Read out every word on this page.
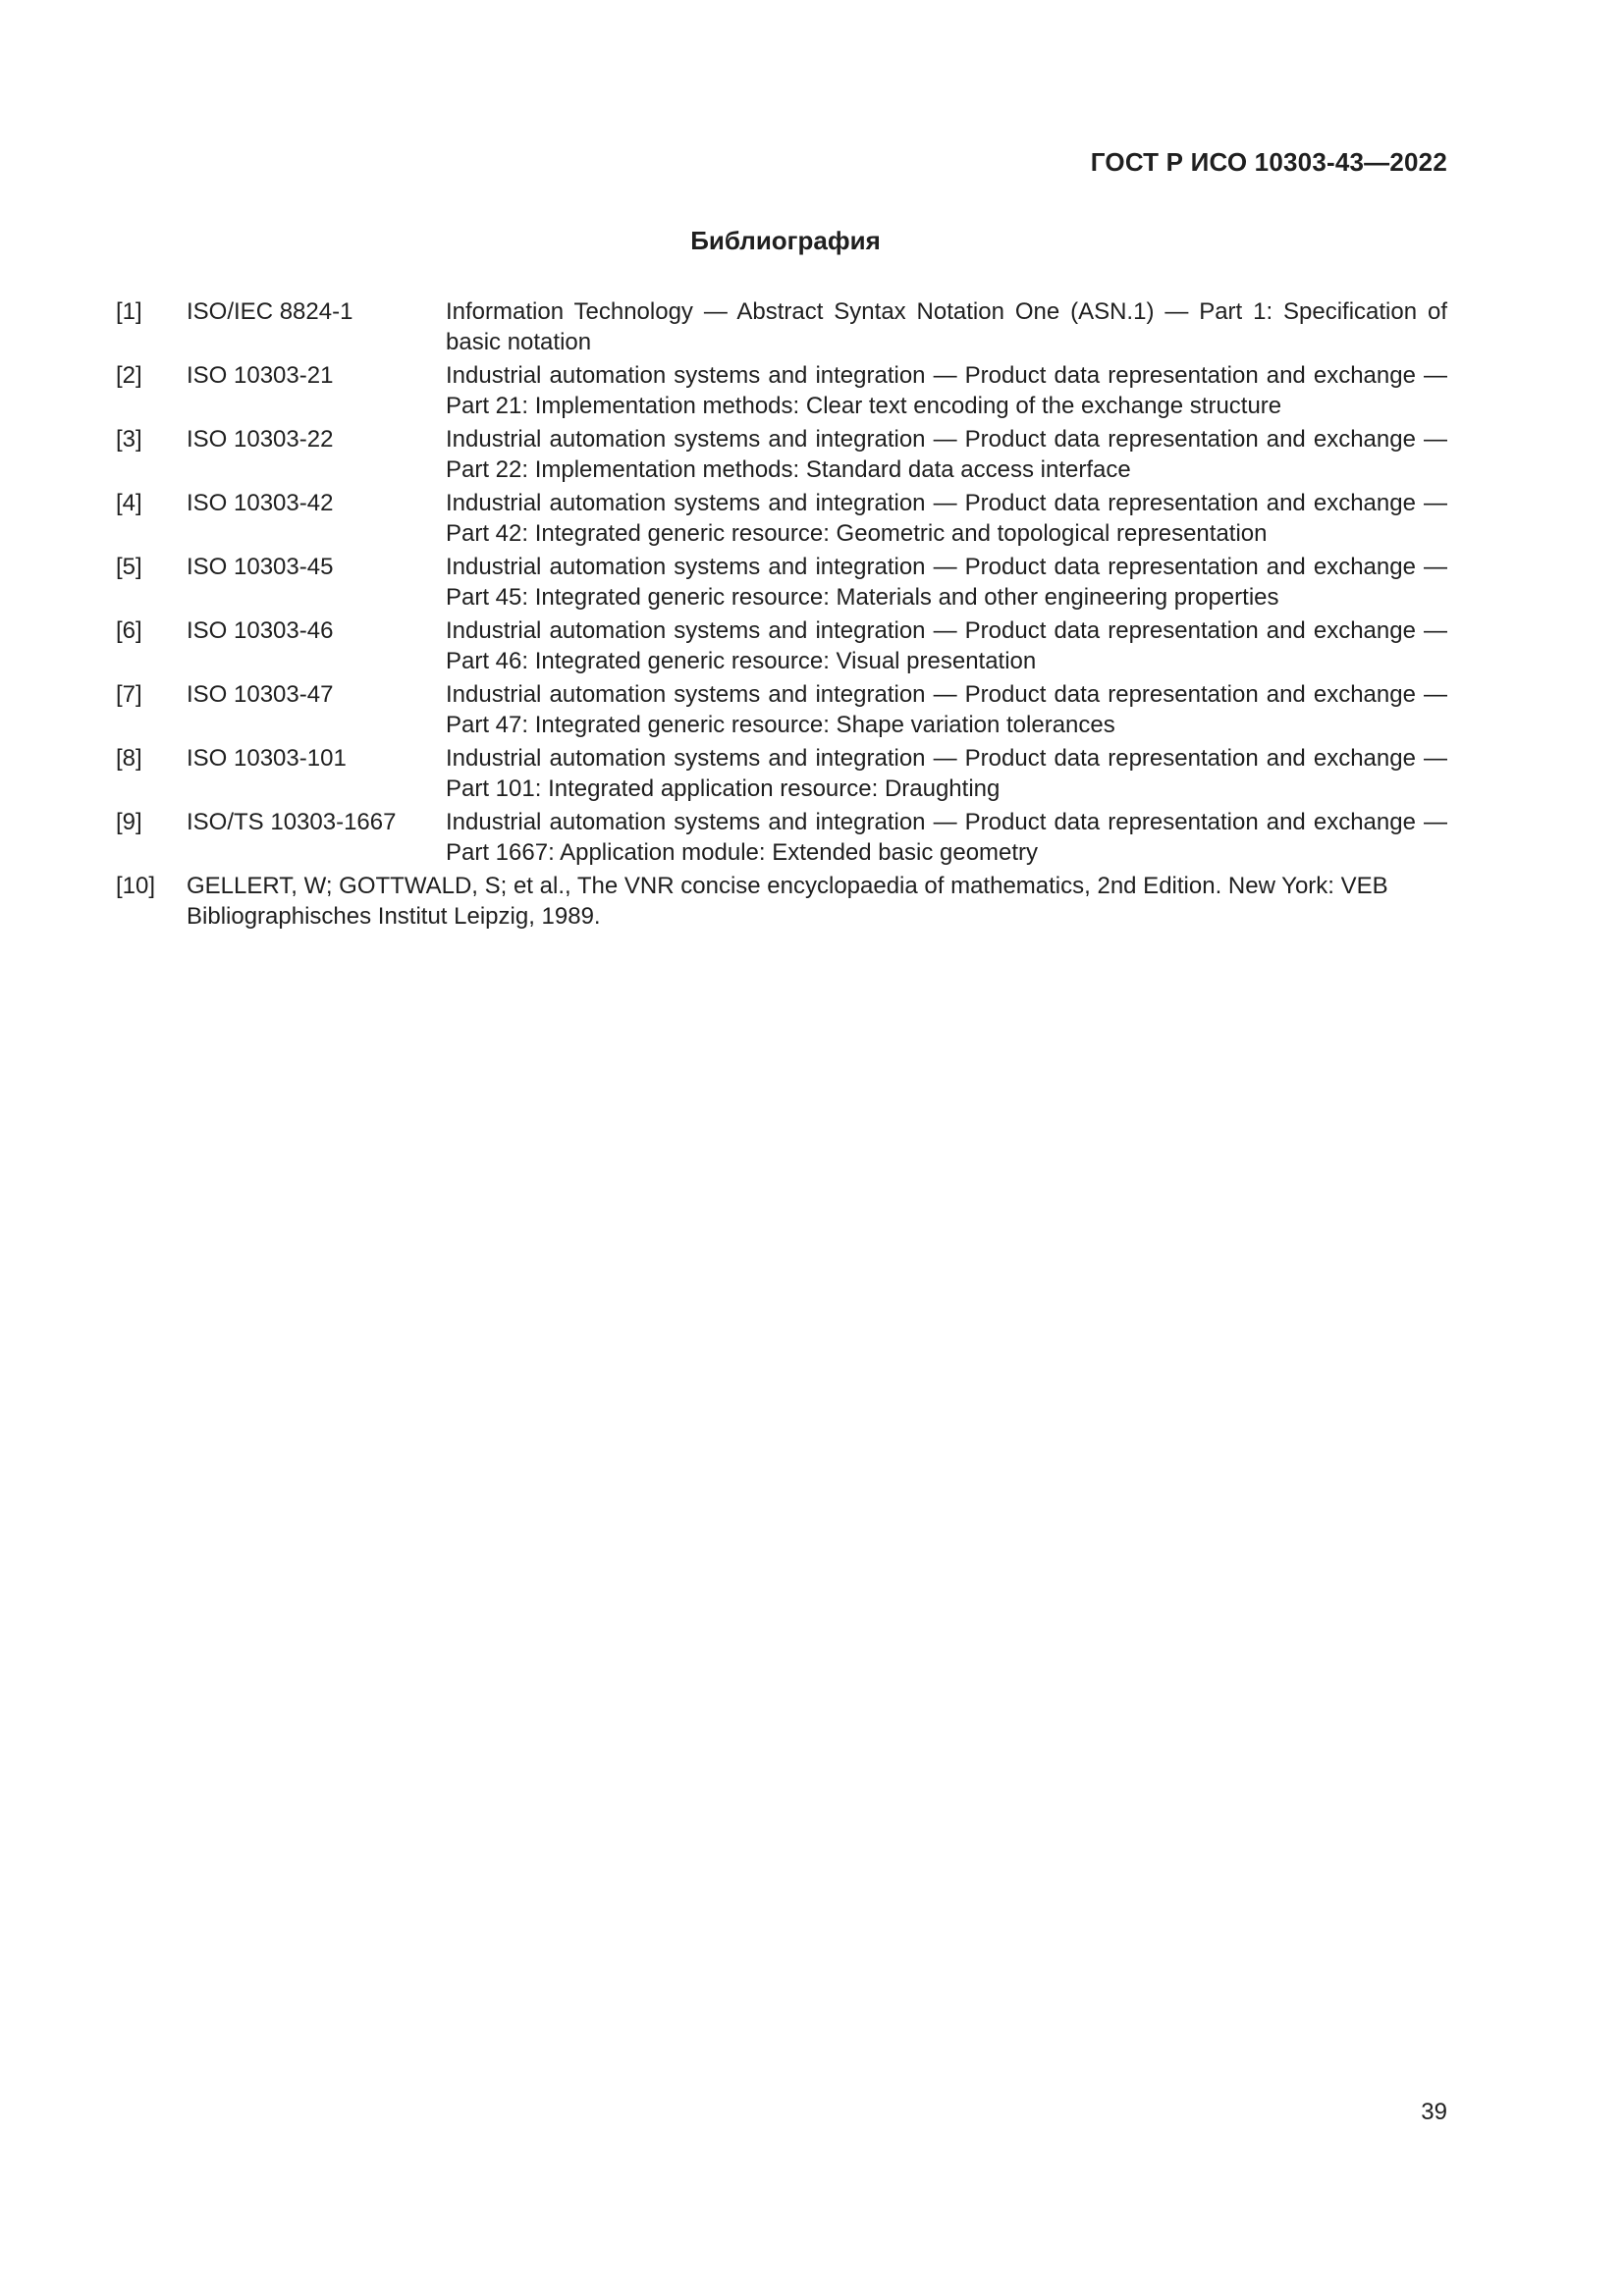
ГОСТ Р ИСО 10303-43—2022
Библиография
[1]	ISO/IEC 8824-1	Information Technology — Abstract Syntax Notation One (ASN.1) — Part 1: Specification of basic notation
[2]	ISO 10303-21	Industrial automation systems and integration — Product data representation and exchange — Part 21: Implementation methods: Clear text encoding of the exchange structure
[3]	ISO 10303-22	Industrial automation systems and integration — Product data representation and exchange — Part 22: Implementation methods: Standard data access interface
[4]	ISO 10303-42	Industrial automation systems and integration — Product data representation and exchange — Part 42: Integrated generic resource: Geometric and topological representation
[5]	ISO 10303-45	Industrial automation systems and integration — Product data representation and exchange — Part 45: Integrated generic resource: Materials and other engineering properties
[6]	ISO 10303-46	Industrial automation systems and integration — Product data representation and exchange — Part 46: Integrated generic resource: Visual presentation
[7]	ISO 10303-47	Industrial automation systems and integration — Product data representation and exchange — Part 47: Integrated generic resource: Shape variation tolerances
[8]	ISO 10303-101	Industrial automation systems and integration — Product data representation and exchange — Part 101: Integrated application resource: Draughting
[9]	ISO/TS 10303-1667	Industrial automation systems and integration — Product data representation and exchange — Part 1667: Application module: Extended basic geometry
[10]	GELLERT, W; GOTTWALD, S; et al., The VNR concise encyclopaedia of mathematics, 2nd Edition. New York: VEB Bibliographisches Institut Leipzig, 1989.
39
